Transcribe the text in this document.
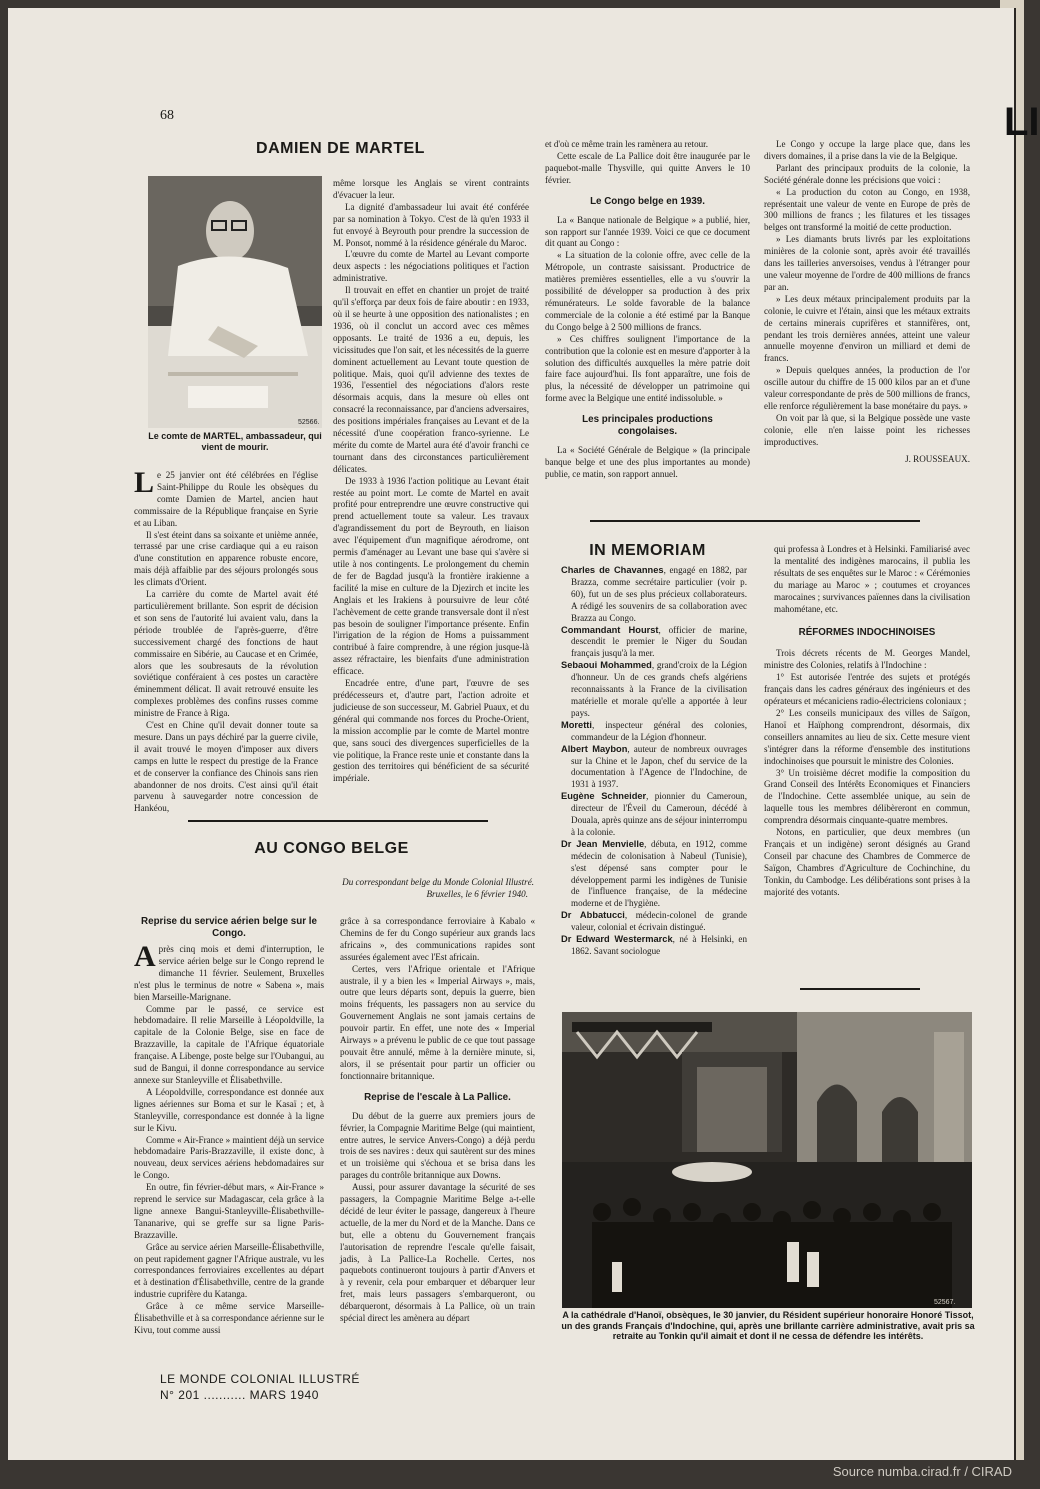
LI
68
DAMIEN DE MARTEL
52566.

Le comte de MARTEL, ambassadeur, qui vient de mourir.

Le 25 janvier ont été célébrées en l'église Saint-Philippe du Roule les obsèques du comte Damien de Martel, ancien haut commissaire de la République française en Syrie et au Liban.

Il s'est éteint dans sa soixante et unième année, terrassé par une crise cardiaque qui a eu raison d'une constitution en apparence robuste encore, mais déjà affaiblie par des séjours prolongés sous les climats d'Orient.

La carrière du comte de Martel avait été particulièrement brillante. Son esprit de décision et son sens de l'autorité lui avaient valu, dans la période troublée de l'après-guerre, d'être successivement chargé des fonctions de haut commissaire en Sibérie, au Caucase et en Crimée, alors que les soubresauts de la révolution soviétique conféraient à ces postes un caractère éminemment délicat. Il avait retrouvé ensuite les complexes problèmes des confins russes comme ministre de France à Riga.

C'est en Chine qu'il devait donner toute sa mesure. Dans un pays déchiré par la guerre civile, il avait trouvé le moyen d'imposer aux divers camps en lutte le respect du prestige de la France et de conserver la confiance des Chinois sans rien abandonner de nos droits. C'est ainsi qu'il était parvenu à sauvegarder notre concession de Hankéou,

même lorsque les Anglais se virent contraints d'évacuer la leur.

La dignité d'ambassadeur lui avait été conférée par sa nomination à Tokyo. C'est de là qu'en 1933 il fut envoyé à Beyrouth pour prendre la succession de M. Ponsot, nommé à la résidence générale du Maroc.

L'œuvre du comte de Martel au Levant comporte deux aspects : les négociations politiques et l'action administrative.

Il trouvait en effet en chantier un projet de traité qu'il s'efforça par deux fois de faire aboutir : en 1933, où il se heurte à une opposition des nationalistes ; en 1936, où il conclut un accord avec ces mêmes opposants. Le traité de 1936 a eu, depuis, les vicissitudes que l'on sait, et les nécessités de la guerre dominent actuellement au Levant toute question de politique. Mais, quoi qu'il advienne des textes de 1936, l'essentiel des négociations d'alors reste désormais acquis, dans la mesure où elles ont consacré la reconnaissance, par d'anciens adversaires, des positions impériales françaises au Levant et de la nécessité d'une coopération franco-syrienne. Le mérite du comte de Martel aura été d'avoir franchi ce tournant dans des circonstances particulièrement délicates.

De 1933 à 1936 l'action politique au Levant était restée au point mort. Le comte de Martel en avait profité pour entreprendre une œuvre constructive qui prend actuellement toute sa valeur. Les travaux d'agrandissement du port de Beyrouth, en liaison avec l'équipement d'un magnifique aérodrome, ont permis d'aménager au Levant une base qui s'avère si utile à nos contingents. Le prolongement du chemin de fer de Bagdad jusqu'à la frontière irakienne a facilité la mise en culture de la Djezirch et incite les Anglais et les Irakiens à poursuivre de leur côté l'achèvement de cette grande transversale dont il n'est pas besoin de souligner l'importance présente. Enfin l'irrigation de la région de Homs a puissamment contribué à faire comprendre, à une région jusque-là assez réfractaire, les bienfaits d'une administration efficace.

Encadrée entre, d'une part, l'œuvre de ses prédécesseurs et, d'autre part, l'action adroite et judicieuse de son successeur, M. Gabriel Puaux, et du général qui commande nos forces du Proche-Orient, la mission accomplie par le comte de Martel montre que, sans souci des divergences superficielles de la vie politique, la France reste unie et constante dans la gestion des territoires qui bénéficient de sa sécurité impériale.

et d'où ce même train les ramènera au retour.

Cette escale de La Pallice doit être inaugurée par le paquebot-malle Thysville, qui quitte Anvers le 10 février.

Le Congo belge en 1939.

La « Banque nationale de Belgique » a publié, hier, son rapport sur l'année 1939. Voici ce que ce document dit quant au Congo :

« La situation de la colonie offre, avec celle de la Métropole, un contraste saisissant. Productrice de matières premières essentielles, elle a vu s'ouvrir la possibilité de développer sa production à des prix rémunérateurs. Le solde favorable de la balance commerciale de la colonie a été estimé par la Banque du Congo belge à 2 500 millions de francs.

» Ces chiffres soulignent l'importance de la contribution que la colonie est en mesure d'apporter à la solution des difficultés auxquelles la mère patrie doit faire face aujourd'hui. Ils font apparaître, une fois de plus, la nécessité de développer un patrimoine qui forme avec la Belgique une entité indissoluble. »

Les principales productions congolaises.

La « Société Générale de Belgique » (la principale banque belge et une des plus importantes au monde) publie, ce matin, son rapport annuel.

Le Congo y occupe la large place que, dans les divers domaines, il a prise dans la vie de la Belgique.

Parlant des principaux produits de la colonie, la Société générale donne les précisions que voici :

« La production du coton au Congo, en 1938, représentait une valeur de vente en Europe de près de 300 millions de francs ; les filatures et les tissages belges ont transformé la moitié de cette production.

» Les diamants bruts livrés par les exploitations minières de la colonie sont, après avoir été travaillés dans les tailleries anversoises, vendus à l'étranger pour une valeur moyenne de l'ordre de 400 millions de francs par an.

» Les deux métaux principalement produits par la colonie, le cuivre et l'étain, ainsi que les métaux extraits de certains minerais cuprifères et stannifères, ont, pendant les trois dernières années, atteint une valeur annuelle moyenne d'environ un milliard et demi de francs.

» Depuis quelques années, la production de l'or oscille autour du chiffre de 15 000 kilos par an et d'une valeur correspondante de près de 500 millions de francs, elle renforce régulièrement la base monétaire du pays. »

On voit par là que, si la Belgique possède une vaste colonie, elle n'en laisse point les richesses improductives.

J. ROUSSEAUX.

IN MEMORIAM

Charles de Chavannes, engagé en 1882, par Brazza, comme secrétaire particulier (voir p. 60), fut un de ses plus précieux collaborateurs. A rédigé les souvenirs de sa collaboration avec Brazza au Congo.

Commandant Hourst, officier de marine, descendit le premier le Niger du Soudan français jusqu'à la mer.

Sebaoui Mohammed, grand'croix de la Légion d'honneur. Un de ces grands chefs algériens reconnaissants à la France de la civilisation matérielle et morale qu'elle a apportée à leur pays.

Moretti, inspecteur général des colonies, commandeur de la Légion d'honneur.

Albert Maybon, auteur de nombreux ouvrages sur la Chine et le Japon, chef du service de la documentation à l'Agence de l'Indochine, de 1931 à 1937.

Eugène Schneider, pionnier du Cameroun, directeur de l'Éveil du Cameroun, décédé à Douala, après quinze ans de séjour ininterrompu à la colonie.

Dr Jean Menvielle, débuta, en 1912, comme médecin de colonisation à Nabeul (Tunisie), s'est dépensé sans compter pour le développement parmi les indigènes de Tunisie de l'influence française, de la médecine moderne et de l'hygiène.

Dr Abbatucci, médecin-colonel de grande valeur, colonial et écrivain distingué.

Dr Edward Westermarck, né à Helsinki, en 1862. Savant sociologue

qui professa à Londres et à Helsinki. Familiarisé avec la mentalité des indigènes marocains, il publia les résultats de ses enquêtes sur le Maroc : « Cérémonies du mariage au Maroc » ; coutumes et croyances marocaines ; survivances païennes dans la civilisation mahométane, etc.

RÉFORMES INDOCHINOISES

Trois décrets récents de M. Georges Mandel, ministre des Colonies, relatifs à l'Indochine :

1° Est autorisée l'entrée des sujets et protégés français dans les cadres généraux des ingénieurs et des opérateurs et mécaniciens radio-électriciens coloniaux ;

2° Les conseils municipaux des villes de Saïgon, Hanoï et Haïphong comprendront, désormais, dix conseillers annamites au lieu de six. Cette mesure vient s'intégrer dans la réforme d'ensemble des institutions indochinoises que poursuit le ministre des Colonies.

3° Un troisième décret modifie la composition du Grand Conseil des Intérêts Economiques et Financiers de l'Indochine. Cette assemblée unique, au sein de laquelle tous les membres délibèreront en commun, comprendra désormais cinquante-quatre membres.

Notons, en particulier, que deux membres (un Français et un indigène) seront désignés au Grand Conseil par chacune des Chambres de Commerce de Saïgon, Chambres d'Agriculture de Cochinchine, du Tonkin, du Cambodge. Les délibérations sont prises à la majorité des votants.

AU CONGO BELGE
Du correspondant belge du Monde Colonial Illustré.
Bruxelles, le 6 février 1940.
Reprise du service aérien belge sur le Congo.

Après cinq mois et demi d'interruption, le service aérien belge sur le Congo reprend le dimanche 11 février. Seulement, Bruxelles n'est plus le terminus de notre « Sabena », mais bien Marseille-Marignane.

Comme par le passé, ce service est hebdomadaire. Il relie Marseille à Léopoldville, la capitale de la Colonie Belge, sise en face de Brazzaville, la capitale de l'Afrique équatoriale française. A Libenge, poste belge sur l'Oubangui, au sud de Bangui, il donne correspondance au service annexe sur Stanleyville et Élisabethville.

A Léopoldville, correspondance est donnée aux lignes aériennes sur Boma et sur le Kasaï ; et, à Stanleyville, correspondance est donnée à la ligne sur le Kivu.

Comme « Air-France » maintient déjà un service hebdomadaire Paris-Brazzaville, il existe donc, à nouveau, deux services aériens hebdomadaires sur le Congo.

En outre, fin février-début mars, « Air-France » reprend le service sur Madagascar, cela grâce à la ligne annexe Bangui-Stanleyville-Élisabethville-Tananarive, qui se greffe sur sa ligne Paris-Brazzaville.

Grâce au service aérien Marseille-Élisabethville, on peut rapidement gagner l'Afrique australe, vu les correspondances ferroviaires excellentes au départ et à destination d'Élisabethville, centre de la grande industrie cuprifère du Katanga.

Grâce à ce même service Marseille-Élisabethville et à sa correspondance aérienne sur le Kivu, tout comme aussi

grâce à sa correspondance ferroviaire à Kabalo « Chemins de fer du Congo supérieur aux grands lacs africains », des communications rapides sont assurées également avec l'Est africain.

Certes, vers l'Afrique orientale et l'Afrique australe, il y a bien les « Imperial Airways », mais, outre que leurs départs sont, depuis la guerre, bien moins fréquents, les passagers non au service du Gouvernement Anglais ne sont jamais certains de pouvoir partir. En effet, une note des « Imperial Airways » a prévenu le public de ce que tout passage pouvait être annulé, même à la dernière minute, si, alors, il se présentait pour partir un officier ou fonctionnaire britannique.

Reprise de l'escale à La Pallice.

Du début de la guerre aux premiers jours de février, la Compagnie Maritime Belge (qui maintient, entre autres, le service Anvers-Congo) a déjà perdu trois de ses navires : deux qui sautèrent sur des mines et un troisième qui s'échoua et se brisa dans les parages du contrôle britannique aux Downs.

Aussi, pour assurer davantage la sécurité de ses passagers, la Compagnie Maritime Belge a-t-elle décidé de leur éviter le passage, dangereux à l'heure actuelle, de la mer du Nord et de la Manche. Dans ce but, elle a obtenu du Gouvernement français l'autorisation de reprendre l'escale qu'elle faisait, jadis, à La Pallice-La Rochelle. Certes, nos paquebots continueront toujours à partir d'Anvers et à y revenir, cela pour embarquer et débarquer leur fret, mais leurs passagers s'embarqueront, ou débarqueront, désormais à La Pallice, où un train spécial direct les amènera au départ

52567.

A la cathédrale d'Hanoï, obsèques, le 30 janvier, du Résident supérieur honoraire Honoré Tissot, un des grands Français d'Indochine, qui, après une brillante carrière administrative, avait pris sa retraite au Tonkin qu'il aimait et dont il ne cessa de défendre les intérêts.

LE MONDE COLONIAL ILLUSTRÉ
N° 201 ........... MARS 1940
Source numba.cirad.fr / CIRAD
